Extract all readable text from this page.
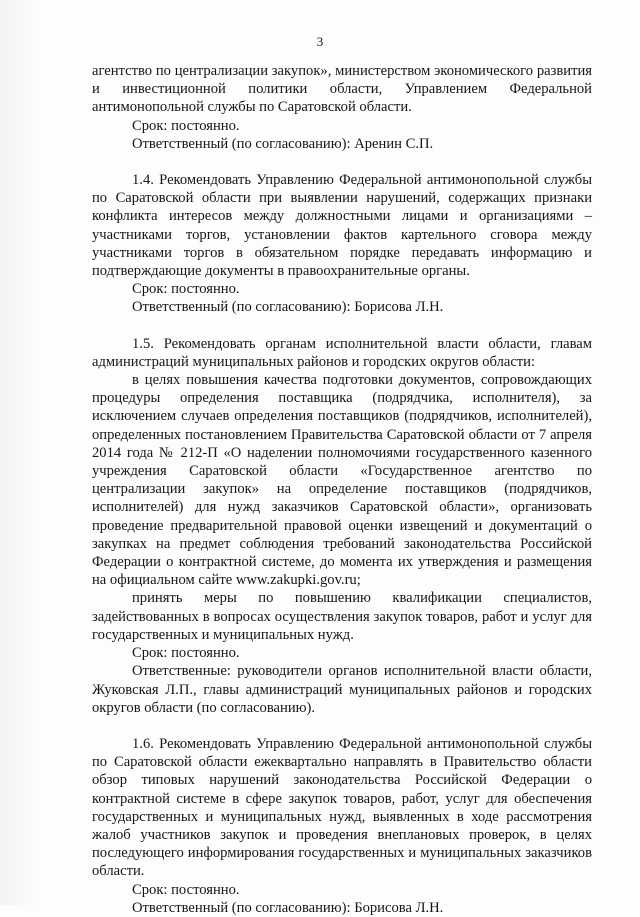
3

агентство по централизации закупок», министерством экономического развития и инвестиционной политики области, Управлением Федеральной антимонопольной службы по Саратовской области.

Срок: постоянно.

Ответственный (по согласованию): Аренин С.П.

1.4. Рекомендовать Управлению Федеральной антимонопольной службы по Саратовской области при выявлении нарушений, содержащих признаки конфликта интересов между должностными лицами и организациями – участниками торгов, установлении фактов картельного сговора между участниками торгов в обязательном порядке передавать информацию и подтверждающие документы в правоохранительные органы.

Срок: постоянно.

Ответственный (по согласованию): Борисова Л.Н.

1.5. Рекомендовать органам исполнительной власти области, главам администраций муниципальных районов и городских округов области:

в целях повышения качества подготовки документов, сопровождающих процедуры определения поставщика (подрядчика, исполнителя), за исключением случаев определения поставщиков (подрядчиков, исполнителей), определенных постановлением Правительства Саратовской области от 7 апреля 2014 года № 212-П «О наделении полномочиями государственного казенного учреждения Саратовской области «Государственное агентство по централизации закупок» на определение поставщиков (подрядчиков, исполнителей) для нужд заказчиков Саратовской области», организовать проведение предварительной правовой оценки извещений и документаций о закупках на предмет соблюдения требований законодательства Российской Федерации о контрактной системе, до момента их утверждения и размещения на официальном сайте www.zakupki.gov.ru;

принять меры по повышению квалификации специалистов, задействованных в вопросах осуществления закупок товаров, работ и услуг для государственных и муниципальных нужд.

Срок: постоянно.

Ответственные: руководители органов исполнительной власти области, Жуковская Л.П., главы администраций муниципальных районов и городских округов области (по согласованию).

1.6. Рекомендовать Управлению Федеральной антимонопольной службы по Саратовской области ежеквартально направлять в Правительство области обзор типовых нарушений законодательства Российской Федерации о контрактной системе в сфере закупок товаров, работ, услуг для обеспечения государственных и муниципальных нужд, выявленных в ходе рассмотрения жалоб участников закупок и проведения внеплановых проверок, в целях последующего информирования государственных и муниципальных заказчиков области.

Срок: постоянно.

Ответственный (по согласованию): Борисова Л.Н.
